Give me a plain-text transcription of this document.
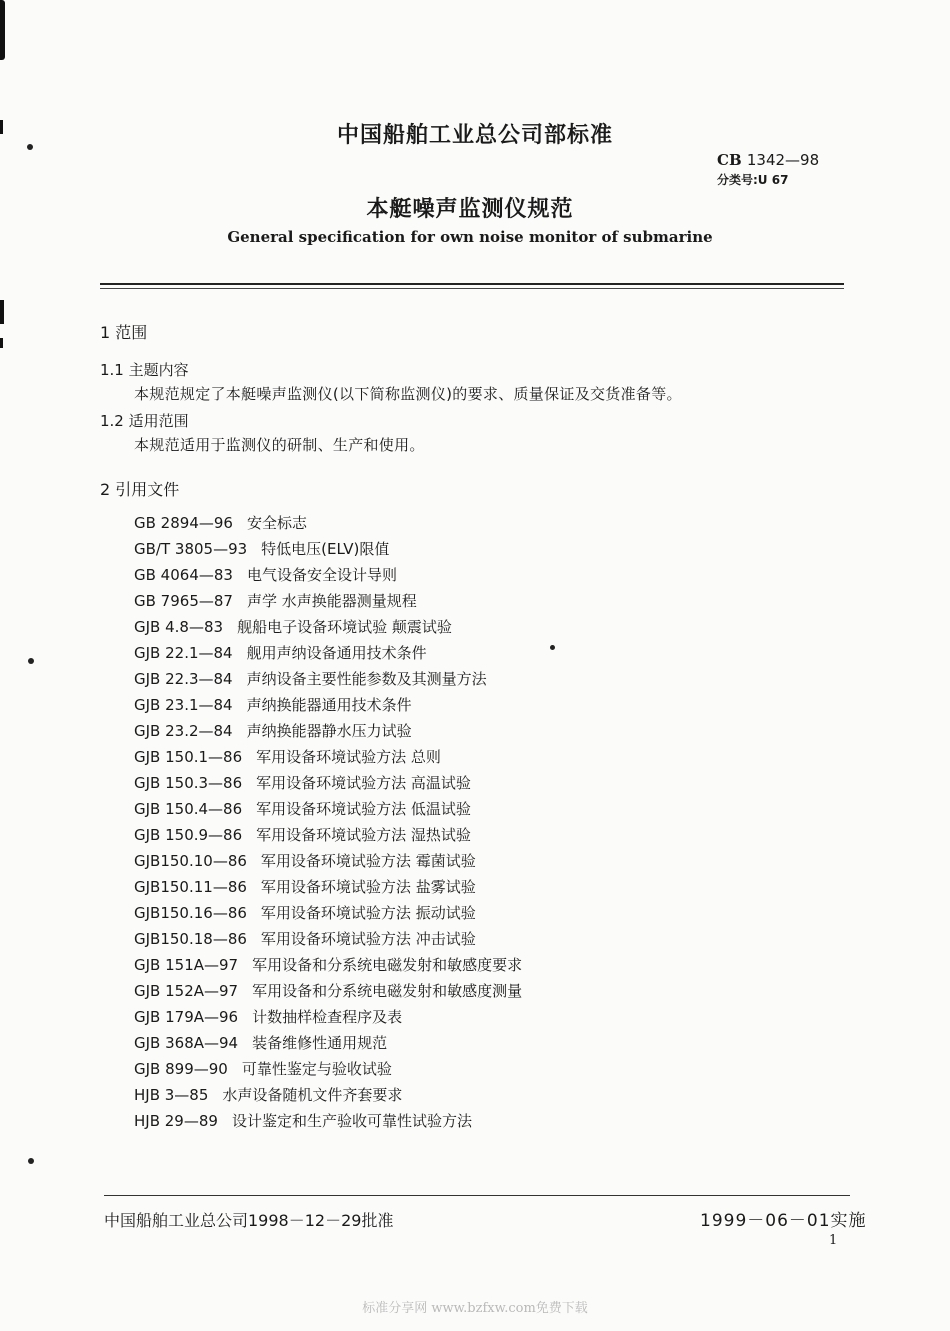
中国船舶工业总公司部标准
CB 1342—98
分类号:U 67
本艇噪声监测仪规范
General specification for own noise monitor of submarine
1 范围
1.1 主题内容
本规范规定了本艇噪声监测仪(以下简称监测仪)的要求、质量保证及交货准备等。
1.2 适用范围
本规范适用于监测仪的研制、生产和使用。
2 引用文件
GB 2894—96 安全标志
GB/T 3805—93 特低电压(ELV)限值
GB 4064—83 电气设备安全设计导则
GB 7965—87 声学 水声换能器测量规程
GJB 4.8—83 舰船电子设备环境试验 颠震试验
GJB 22.1—84 舰用声纳设备通用技术条件
GJB 22.3—84 声纳设备主要性能参数及其测量方法
GJB 23.1—84 声纳换能器通用技术条件
GJB 23.2—84 声纳换能器静水压力试验
GJB 150.1—86 军用设备环境试验方法 总则
GJB 150.3—86 军用设备环境试验方法 高温试验
GJB 150.4—86 军用设备环境试验方法 低温试验
GJB 150.9—86 军用设备环境试验方法 湿热试验
GJB150.10—86 军用设备环境试验方法 霉菌试验
GJB150.11—86 军用设备环境试验方法 盐雾试验
GJB150.16—86 军用设备环境试验方法 振动试验
GJB150.18—86 军用设备环境试验方法 冲击试验
GJB 151A—97 军用设备和分系统电磁发射和敏感度要求
GJB 152A—97 军用设备和分系统电磁发射和敏感度测量
GJB 179A—96 计数抽样检查程序及表
GJB 368A—94 装备维修性通用规范
GJB 899—90 可靠性鉴定与验收试验
HJB 3—85 水声设备随机文件齐套要求
HJB 29—89 设计鉴定和生产验收可靠性试验方法
中国船舶工业总公司1998－12－29批准	1999－06－01实施
1
标准分享网 www.bzfxw.com免费下载
